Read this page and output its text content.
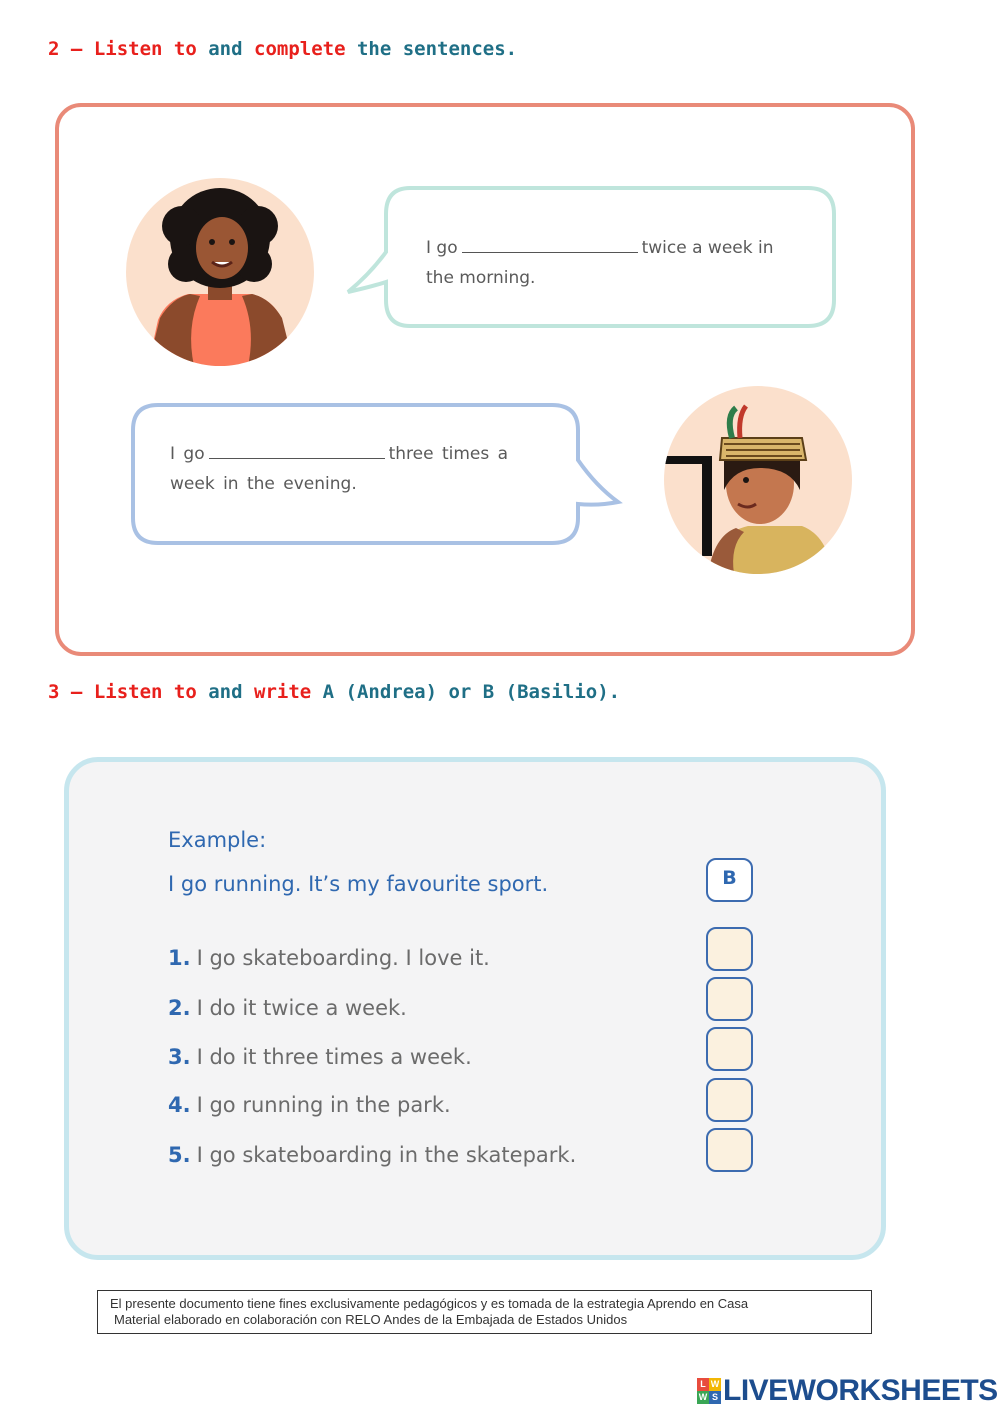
2 – Listen to and complete the sentences.
I go	twice a week in the morning.
I go	three times a week in the evening.
3 – Listen to and write A (Andrea) or B (Basilio).
Example:
I go running. It’s my favourite sport.	B
1. I go skateboarding. I love it.
2. I do it twice a week.
3. I do it three times a week.
4. I go running in the park.
5. I go skateboarding in the skatepark.
El presente documento tiene fines exclusivamente pedagógicos y es tomada de la estrategia Aprendo en Casa
Material elaborado en colaboración con RELO Andes de la Embajada de Estados Unidos
L W
W S LIVEWORKSHEETS
